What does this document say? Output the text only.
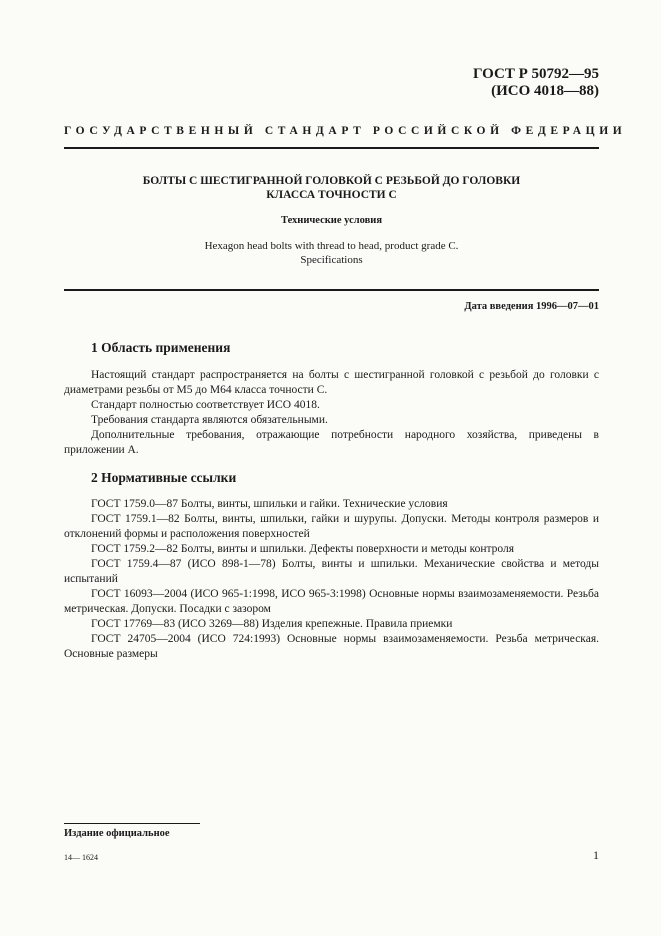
ГОСТ Р 50792—95
(ИСО 4018—88)
ГОСУДАРСТВЕННЫЙ СТАНДАРТ РОССИЙСКОЙ ФЕДЕРАЦИИ
БОЛТЫ С ШЕСТИГРАННОЙ ГОЛОВКОЙ С РЕЗЬБОЙ ДО ГОЛОВКИ
КЛАССА ТОЧНОСТИ С
Технические условия
Hexagon head bolts with thread to head, product grade C.
Specifications
Дата введения 1996—07—01
1 Область применения

Настоящий стандарт распространяется на болты с шестигранной головкой с резьбой до головки с диаметрами резьбы от М5 до М64 класса точности С.

Стандарт полностью соответствует ИСО 4018.

Требования стандарта являются обязательными.

Дополнительные требования, отражающие потребности народного хозяйства, приведены в приложении А.

2 Нормативные ссылки

ГОСТ 1759.0—87 Болты, винты, шпильки и гайки. Технические условия

ГОСТ 1759.1—82 Болты, винты, шпильки, гайки и шурупы. Допуски. Методы контроля размеров и отклонений формы и расположения поверхностей

ГОСТ 1759.2—82 Болты, винты и шпильки. Дефекты поверхности и методы контроля

ГОСТ 1759.4—87 (ИСО 898-1—78) Болты, винты и шпильки. Механические свойства и методы испытаний

ГОСТ 16093—2004 (ИСО 965-1:1998, ИСО 965-3:1998) Основные нормы взаимозаменяемости. Резьба метрическая. Допуски. Посадки с зазором

ГОСТ 17769—83 (ИСО 3269—88) Изделия крепежные. Правила приемки

ГОСТ 24705—2004 (ИСО 724:1993) Основные нормы взаимозаменяемости. Резьба метрическая. Основные размеры

Издание официальное
14— 1624	1
